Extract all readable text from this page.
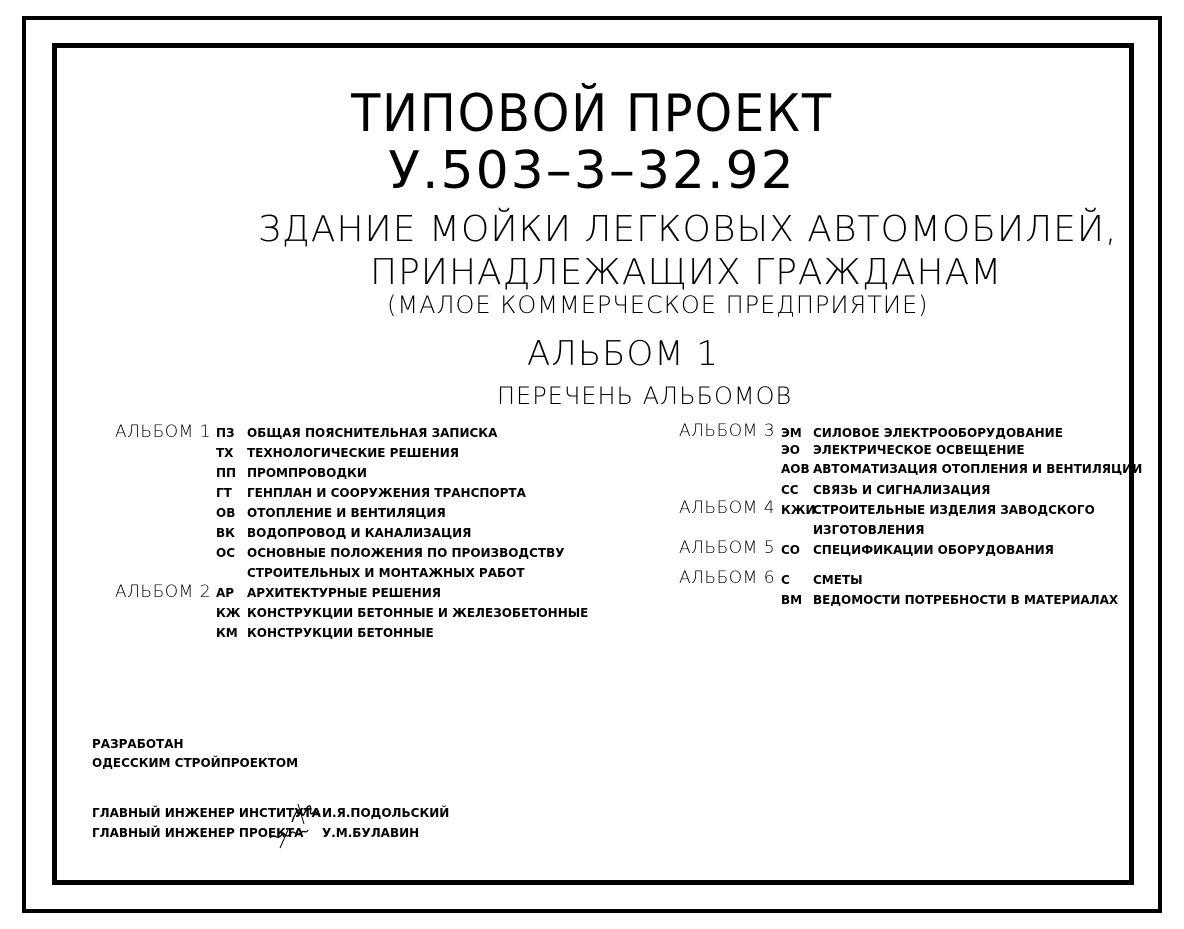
ТИПОВОЙ ПРОЕКТ
У.503–3–32.92
ЗДАНИЕ МОЙКИ ЛЕГКОВЫХ АВТОМОБИЛЕЙ,
ПРИНАДЛЕЖАЩИХ ГРАЖДАНАМ
(МАЛОЕ КОММЕРЧЕСКОЕ ПРЕДПРИЯТИЕ)
АЛЬБОМ 1
ПЕРЕЧЕНЬ АЛЬБОМОВ
АЛЬБОМ 1 ПЗ ОБЩАЯ ПОЯСНИТЕЛЬНАЯ ЗАПИСКА
ТХ ТЕХНОЛОГИЧЕСКИЕ РЕШЕНИЯ
ПП ПРОМПРОВОДКИ
ГТ ГЕНПЛАН И СООРУЖЕНИЯ ТРАНСПОРТА
ОВ ОТОПЛЕНИЕ И ВЕНТИЛЯЦИЯ
ВК ВОДОПРОВОД И КАНАЛИЗАЦИЯ
ОС ОСНОВНЫЕ ПОЛОЖЕНИЯ ПО ПРОИЗВОДСТВУ
СТРОИТЕЛЬНЫХ И МОНТАЖНЫХ РАБОТ
АЛЬБОМ 2 АР АРХИТЕКТУРНЫЕ РЕШЕНИЯ
КЖ КОНСТРУКЦИИ БЕТОННЫЕ И ЖЕЛЕЗОБЕТОННЫЕ
КМ КОНСТРУКЦИИ БЕТОННЫЕ
АЛЬБОМ 3 ЭМ СИЛОВОЕ ЭЛЕКТРООБОРУДОВАНИЕ
ЭО ЭЛЕКТРИЧЕСКОЕ ОСВЕЩЕНИЕ
АОВ АВТОМАТИЗАЦИЯ ОТОПЛЕНИЯ И ВЕНТИЛЯЦИИ
СС СВЯЗЬ И СИГНАЛИЗАЦИЯ
АЛЬБОМ 4 КЖИ
СТРОИТЕЛЬНЫЕ ИЗДЕЛИЯ ЗАВОДСКОГО
ИЗГОТОВЛЕНИЯ
АЛЬБОМ 5 СО СПЕЦИФИКАЦИИ ОБОРУДОВАНИЯ
АЛЬБОМ 6 С СМЕТЫ
ВМ ВЕДОМОСТИ ПОТРЕБНОСТИ В МАТЕРИАЛАХ
РАЗРАБОТАН
ОДЕССКИМ СТРОЙПРОЕКТОМ
ГЛАВНЫЙ ИНЖЕНЕР ИНСТИТУТА И.Я.ПОДОЛЬСКИЙ
ГЛАВНЫЙ ИНЖЕНЕР ПРОЕКТА У.М.БУЛАВИН
